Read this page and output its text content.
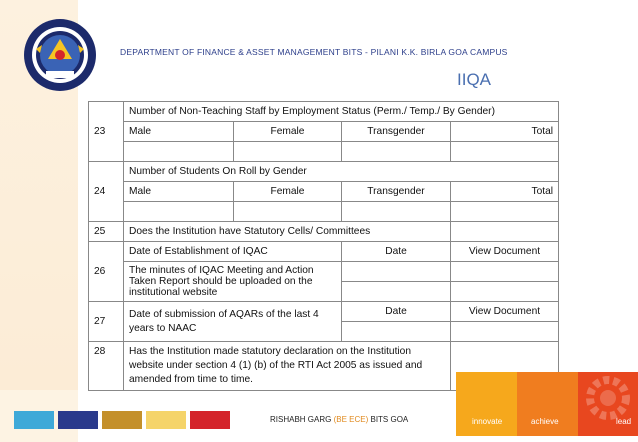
DEPARTMENT OF FINANCE & ASSET MANAGEMENT BITS - PILANI K.K. BIRLA GOA CAMPUS
IIQA
23	Number of Non-Teaching Staff by Employment Status (Perm./ Temp./ By Gender)			
	Male	Female	Transgender	Total

24	Number of Students On Roll by Gender			
	Male	Female	Transgender	Total

25	Does the Institution have Statutory Cells/ Committees			
26	Date of Establishment of IQAC		Date	View Document
	The minutes of IQAC Meeting and Action Taken Report should be uploaded on the institutional website			

27	Date of submission of AQARs of the last 4 years to NAAC		Date	View Document

28	Has the Institution made statutory declaration on the Institution website under section 4 (1) (b) of the RTI Act 2005 as issued and amended from time to time.			
RISHABH GARG (BE ECE) BITS GOA	innovate	achieve	lead
